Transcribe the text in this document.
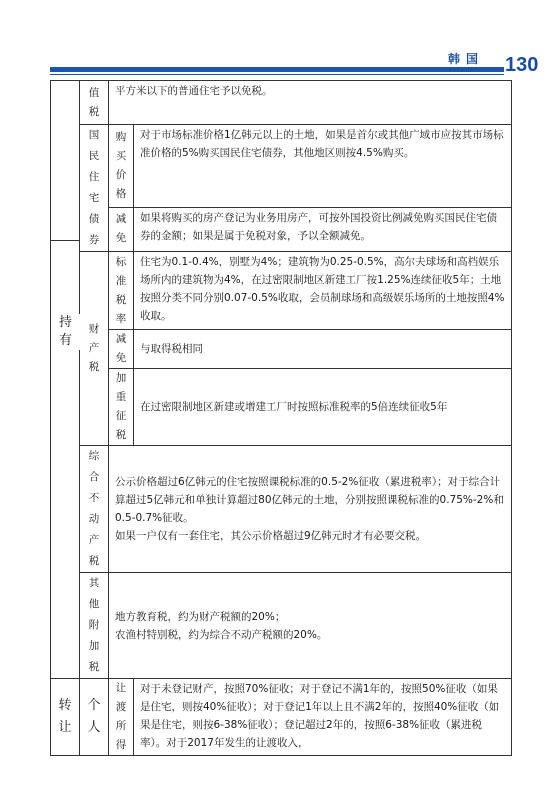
韩国 130
	值税	平方米以下的普通住宅予以免税。	
	国民住宅债券	购买价格	对于市场标准价格1亿韩元以上的土地，如果是首尔或其他广域市应按其市场标准价格的5%购买国民住宅债券，其他地区则按4.5%购买。
		减免	如果将购买的房产登记为业务用房产，可按外国投资比例减免购买国民住宅债券的金额；如果是属于免税对象，予以全额减免。
	财产税	标准税率	住宅为0.1-0.4%，别墅为4%；建筑物为0.25-0.5%，高尔夫球场和高档娱乐场所内的建筑物为4%，在过密限制地区新建工厂按1.25%连续征收5年；土地按照分类不同分别0.07-0.5%收取，会员制球场和高级娱乐场所的土地按照4%收取。
		减免	与取得税相同
		加重征税	在过密限制地区新建或增建工厂时按照标准税率的5倍连续征收5年
	综合不动产税	公示价格超过6亿韩元的住宅按照课税标准的0.5-2%征收（累进税率）；对于综合计算超过5亿韩元和单独计算超过80亿韩元的土地，分别按照课税标准的0.75%-2%和0.5-0.7%征收。
如果一户仅有一套住宅，其公示价格超过9亿韩元时才有必要交税。	

	其他附加税	地方教育税，约为财产税额的20%；
农渔村特别税，约为综合不动产税额的20%。	

转让	个人	让渡所得	对于未登记财产，按照70%征收；对于登记不满1年的，按照50%征收（如果是住宅，则按40%征收）；对于登记1年以上且不满2年的，按照40%征收（如果是住宅，则按6-38%征收）；登记超过2年的，按照6-38%征收（累进税率）。对于2017年发生的让渡收入，
持有
